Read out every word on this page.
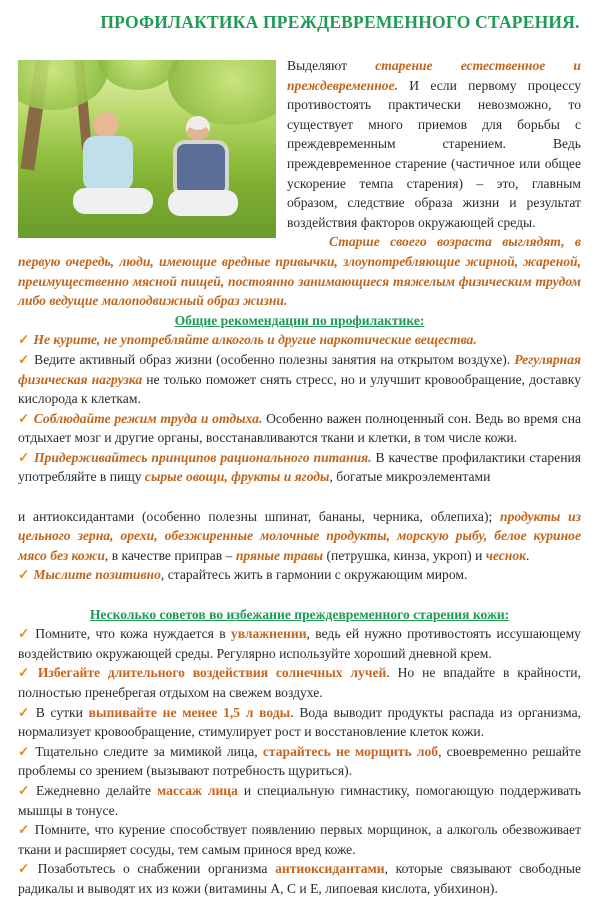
ПРОФИЛАКТИКА ПРЕЖДЕВРЕМЕННОГО СТАРЕНИЯ.

Выделяют старение естественное и преждевременное. И если первому процессу противостоять практически невозможно, то существует много приемов для борьбы с преждевременным старением. Ведь преждевременное старение (частичное или общее ускорение темпа старения) – это, главным образом, следствие образа жизни и результат воздействия факторов окружающей среды.

Старше своего возраста выглядят, в первую очередь, люди, имеющие вредные привычки, злоупотребляющие жирной, жареной, преимущественно мясной пищей, постоянно занимающиеся тяжелым физическим трудом либо ведущие малоподвижный образ жизни.

Общие рекомендации по профилактике:

✓ Не курите, не употребляйте алкоголь и другие наркотические вещества.

✓ Ведите активный образ жизни (особенно полезны занятия на открытом воздухе). Регулярная физическая нагрузка не только поможет снять стресс, но и улучшит кровообращение, доставку кислорода к клеткам.

✓ Соблюдайте режим труда и отдыха. Особенно важен полноценный сон. Ведь во время сна отдыхает мозг и другие органы, восстанавливаются ткани и клетки, в том числе кожи.

✓ Придерживайтесь принципов рационального питания. В качестве профилактики старения употребляйте в пищу сырые овощи, фрукты и ягоды, богатые микроэлементами

и антиоксидантами (особенно полезны шпинат, бананы, черника, облепиха); продукты из цельного зерна, орехи, обезжиренные молочные продукты, морскую рыбу, белое куриное мясо без кожи, в качестве приправ – пряные травы (петрушка, кинза, укроп) и чеснок.

✓ Мыслите позитивно, старайтесь жить в гармонии с окружающим миром.

Несколько советов во избежание преждевременного старения кожи:

✓ Помните, что кожа нуждается в увлажнении, ведь ей нужно противостоять иссушающему воздействию окружающей среды. Регулярно используйте хороший дневной крем.

✓ Избегайте длительного воздействия солнечных лучей. Но не впадайте в крайности, полностью пренебрегая отдыхом на свежем воздухе.

✓ В сутки выпивайте не менее 1,5 л воды. Вода выводит продукты распада из организма, нормализует кровообращение, стимулирует рост и восстановление клеток кожи.

✓ Тщательно следите за мимикой лица, старайтесь не морщить лоб, своевременно решайте проблемы со зрением (вызывают потребность щуриться).

✓ Ежедневно делайте массаж лица и специальную гимнастику, помогающую поддерживать мышцы в тонусе.

✓ Помните, что курение способствует появлению первых морщинок, а алкоголь обезвоживает ткани и расширяет сосуды, тем самым принося вред коже.

✓ Позаботьтесь о снабжении организма антиоксидантами, которые связывают свободные радикалы и выводят их из кожи (витамины А, С и Е, липоевая кислота, убихинон).
